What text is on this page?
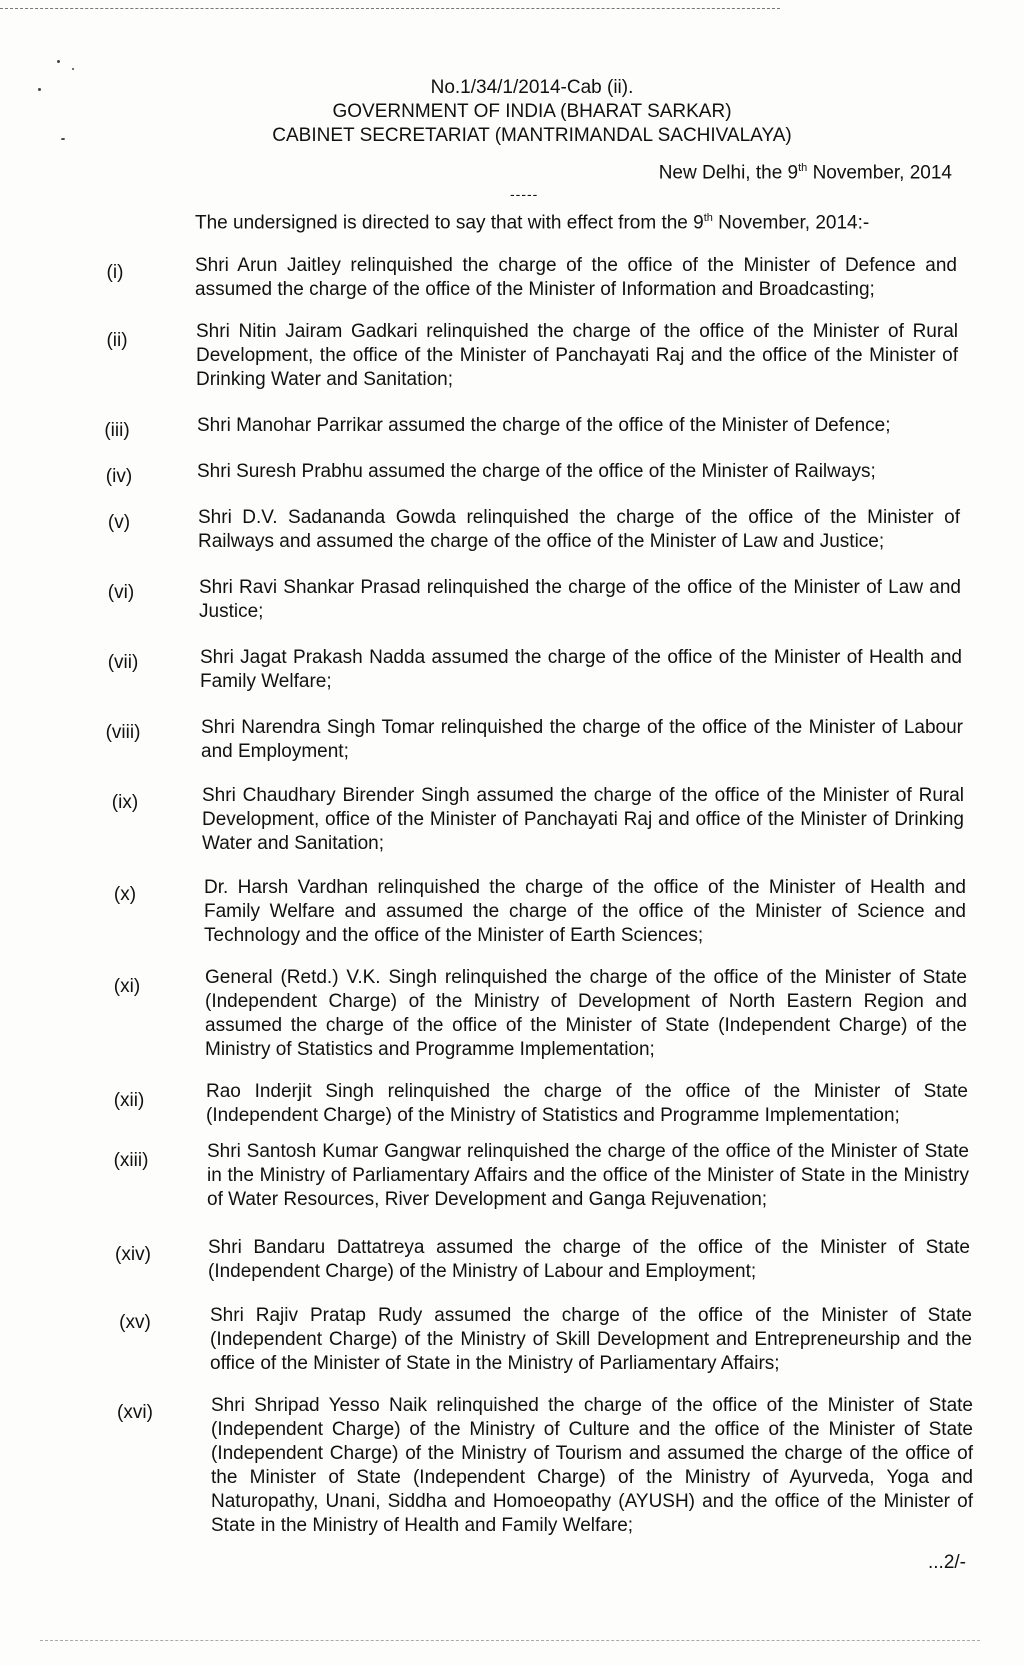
No.1/34/1/2014-Cab (ii).
GOVERNMENT OF INDIA (BHARAT SARKAR)
CABINET SECRETARIAT (MANTRIMANDAL SACHIVALAYA)
New Delhi, the 9th November, 2014
-----
The undersigned is directed to say that with effect from the 9th November, 2014:-
(i)	Shri Arun Jaitley relinquished the charge of the office of the Minister of Defence and assumed the charge of the office of the Minister of Information and Broadcasting;

(ii)	Shri Nitin Jairam Gadkari relinquished the charge of the office of the Minister of Rural Development, the office of the Minister of Panchayati Raj and the office of the Minister of Drinking Water and Sanitation;

(iii)	Shri Manohar Parrikar assumed the charge of the office of the Minister of Defence;

(iv)	Shri Suresh Prabhu assumed the charge of the office of the Minister of Railways;

(v)	Shri D.V. Sadananda Gowda relinquished the charge of the office of the Minister of Railways and assumed the charge of the office of the Minister of Law and Justice;

(vi)	Shri Ravi Shankar Prasad relinquished the charge of the office of the Minister of Law and Justice;

(vii)	Shri Jagat Prakash Nadda assumed the charge of the office of the Minister of Health and Family Welfare;

(viii)	Shri Narendra Singh Tomar relinquished the charge of the office of the Minister of Labour and Employment;

(ix)	Shri Chaudhary Birender Singh assumed the charge of the office of the Minister of Rural Development, office of the Minister of Panchayati Raj and office of the Minister of Drinking Water and Sanitation;

(x)	Dr. Harsh Vardhan relinquished the charge of the office of the Minister of Health and Family Welfare and assumed the charge of the office of the Minister of Science and Technology and the office of the Minister of Earth Sciences;

(xi)	General (Retd.) V.K. Singh relinquished the charge of the office of the Minister of State (Independent Charge) of the Ministry of Development of North Eastern Region and assumed the charge of the office of the Minister of State (Independent Charge) of the Ministry of Statistics and Programme Implementation;

(xii)	Rao Inderjit Singh relinquished the charge of the office of the Minister of State (Independent Charge) of the Ministry of Statistics and Programme Implementation;

(xiii)	Shri Santosh Kumar Gangwar relinquished the charge of the office of the Minister of State in the Ministry of Parliamentary Affairs and the office of the Minister of State in the Ministry of Water Resources, River Development and Ganga Rejuvenation;

(xiv)	Shri Bandaru Dattatreya assumed the charge of the office of the Minister of State (Independent Charge) of the Ministry of Labour and Employment;

(xv)	Shri Rajiv Pratap Rudy assumed the charge of the office of the Minister of State (Independent Charge) of the Ministry of Skill Development and Entrepreneurship and the office of the Minister of State in the Ministry of Parliamentary Affairs;

(xvi)	Shri Shripad Yesso Naik relinquished the charge of the office of the Minister of State (Independent Charge) of the Ministry of Culture and the office of the Minister of State (Independent Charge) of the Ministry of Tourism and assumed the charge of the office of the Minister of State (Independent Charge) of the Ministry of Ayurveda, Yoga and Naturopathy, Unani, Siddha and Homoeopathy (AYUSH) and the office of the Minister of State in the Ministry of Health and Family Welfare;

...2/-
